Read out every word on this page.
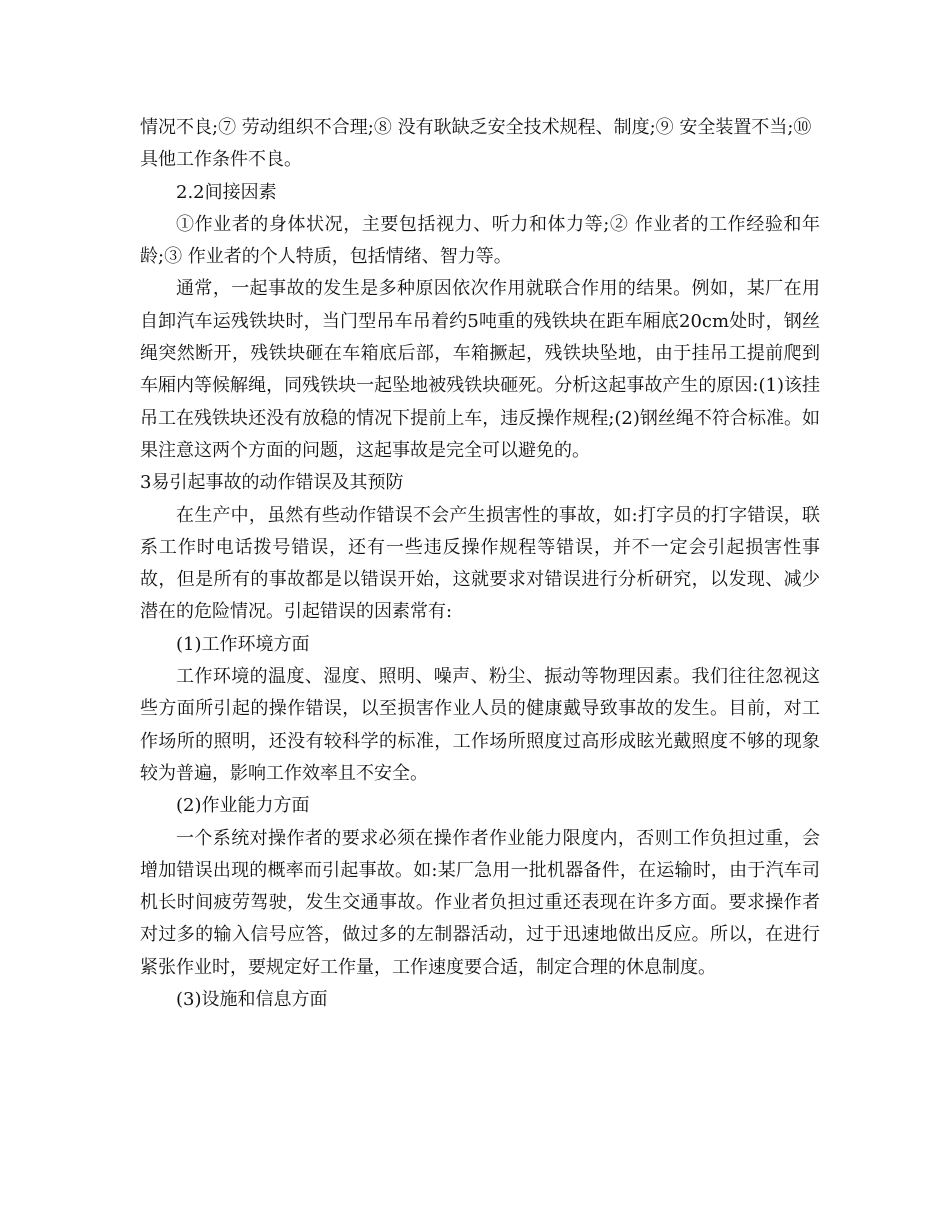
情况不良;⑦ 劳动组织不合理;⑧ 没有耿缺乏安全技术规程、制度;⑨ 安全装置不当;⑩ 具他工作条件不良。

2.2间接因素

①作业者的身体状况，主要包括视力、听力和体力等;② 作业者的工作经验和年龄;③ 作业者的个人特质，包括情绪、智力等。

通常，一起事故的发生是多种原因依次作用就联合作用的结果。例如，某厂在用自卸汽车运残铁块时，当门型吊车吊着约5吨重的残铁块在距车厢底20cm处时，钢丝绳突然断开，残铁块砸在车箱底后部，车箱撅起，残铁块坠地，由于挂吊工提前爬到车厢内等候解绳，同残铁块一起坠地被残铁块砸死。分析这起事故产生的原因:(1)该挂吊工在残铁块还没有放稳的情况下提前上车，违反操作规程;(2)钢丝绳不符合标准。如果注意这两个方面的问题，这起事故是完全可以避免的。

3易引起事故的动作错误及其预防

在生产中，虽然有些动作错误不会产生损害性的事故，如:打字员的打字错误，联系工作时电话拨号错误，还有一些违反操作规程等错误，并不一定会引起损害性事故，但是所有的事故都是以错误开始，这就要求对错误进行分析研究，以发现、减少潜在的危险情况。引起错误的因素常有:

(1)工作环境方面

工作环境的温度、湿度、照明、噪声、粉尘、振动等物理因素。我们往往忽视这些方面所引起的操作错误，以至损害作业人员的健康戴导致事故的发生。目前，对工作场所的照明，还没有较科学的标准，工作场所照度过高形成眩光戴照度不够的现象较为普遍，影响工作效率且不安全。

(2)作业能力方面

一个系统对操作者的要求必须在操作者作业能力限度内，否则工作负担过重，会增加错误出现的概率而引起事故。如:某厂急用一批机器备件，在运输时，由于汽车司机长时间疲劳驾驶，发生交通事故。作业者负担过重还表现在许多方面。要求操作者对过多的输入信号应答，做过多的左制器活动，过于迅速地做出反应。所以，在进行紧张作业时，要规定好工作量，工作速度要合适，制定合理的休息制度。

(3)设施和信息方面
